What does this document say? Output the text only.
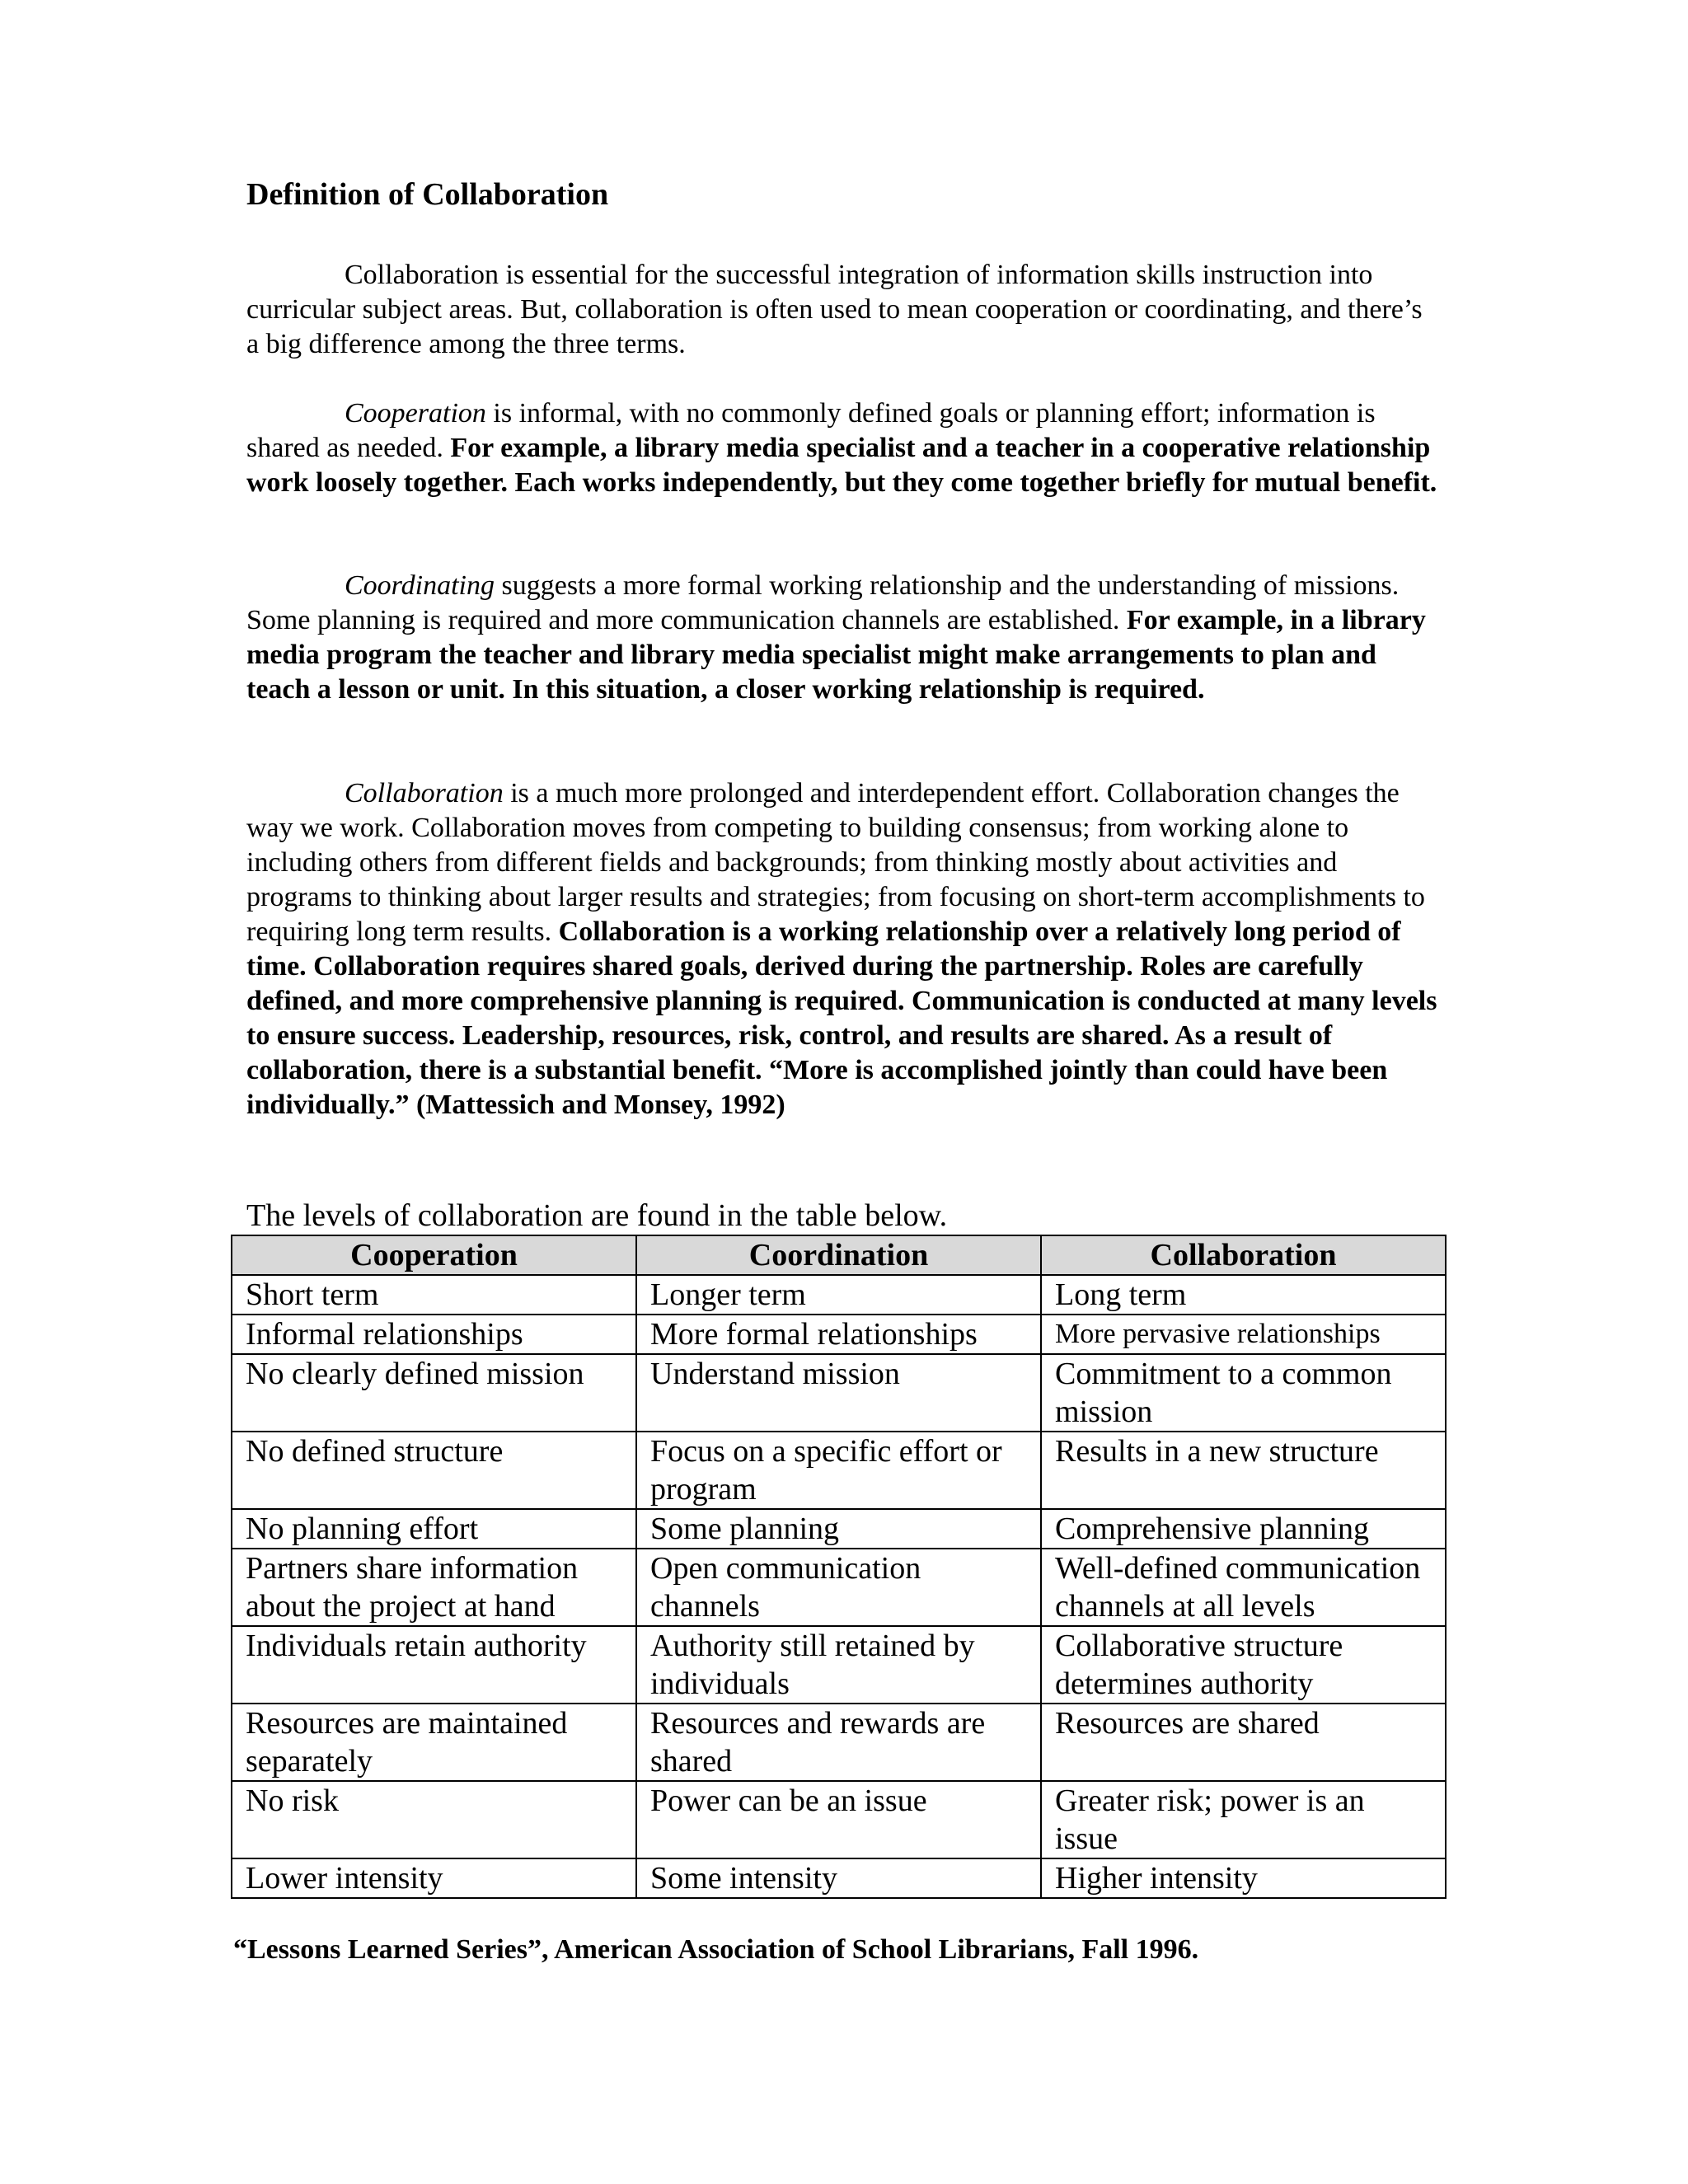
Definition of Collaboration

Collaboration is essential for the successful integration of information skills instruction into curricular subject areas. But, collaboration is often used to mean cooperation or coordinating, and there’s a big difference among the three terms.

Cooperation is informal, with no commonly defined goals or planning effort; information is shared as needed. For example, a library media specialist and a teacher in a cooperative relationship work loosely together. Each works independently, but they come together briefly for mutual benefit.

Coordinating suggests a more formal working relationship and the understanding of missions. Some planning is required and more communication channels are established. For example, in a library media program the teacher and library media specialist might make arrangements to plan and teach a lesson or unit. In this situation, a closer working relationship is required.

Collaboration is a much more prolonged and interdependent effort. Collaboration changes the way we work. Collaboration moves from competing to building consensus; from working alone to including others from different fields and backgrounds; from thinking mostly about activities and programs to thinking about larger results and strategies; from focusing on short-term accomplishments to requiring long term results. Collaboration is a working relationship over a relatively long period of time. Collaboration requires shared goals, derived during the partnership. Roles are carefully defined, and more comprehensive planning is required. Communication is conducted at many levels to ensure success. Leadership, resources, risk, control, and results are shared. As a result of collaboration, there is a substantial benefit. “More is accomplished jointly than could have been individually.” (Mattessich and Monsey, 1992)

The levels of collaboration are found in the table below.

Cooperation	Coordination	Collaboration
Short term	Longer term	Long term
Informal relationships	More formal relationships	More pervasive relationships
No clearly defined mission	Understand mission	Commitment to a common mission
No defined structure	Focus on a specific effort or program	Results in a new structure
No planning effort	Some planning	Comprehensive planning
Partners share information about the project at hand	Open communication channels	Well-defined communication channels at all levels
Individuals retain authority	Authority still retained by individuals	Collaborative structure determines authority
Resources are maintained separately	Resources and rewards are shared	Resources are shared
No risk	Power can be an issue	Greater risk; power is an issue
Lower intensity	Some intensity	Higher intensity

“Lessons Learned Series”, American Association of School Librarians, Fall 1996.
